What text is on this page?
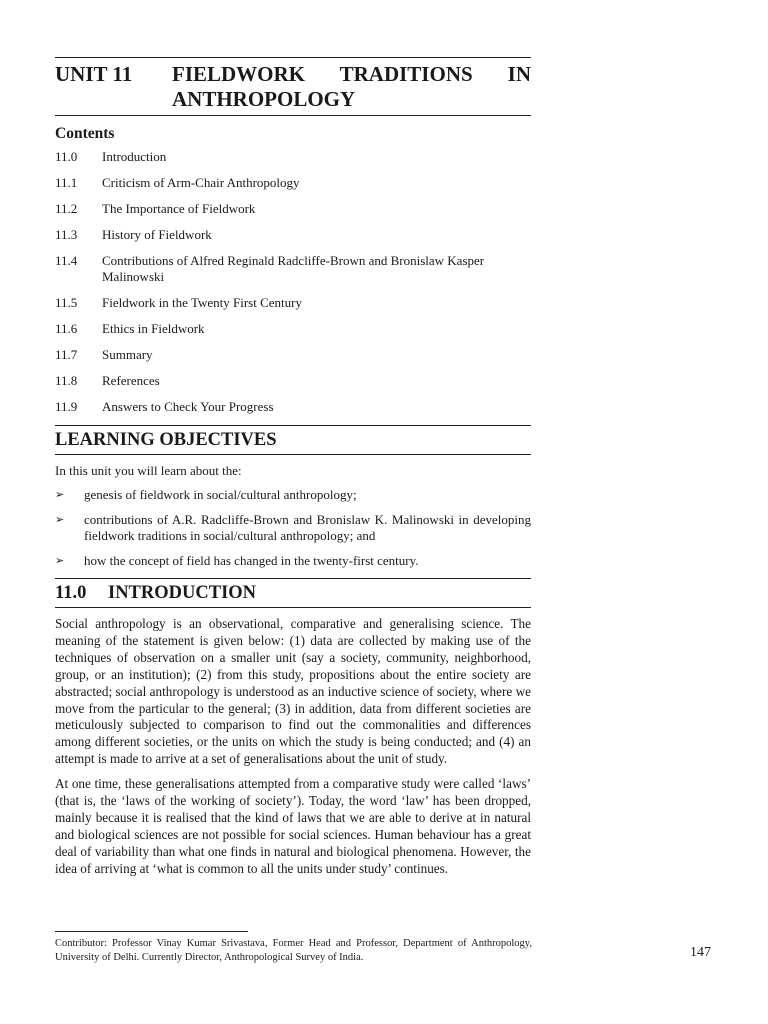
UNIT 11	FIELDWORK TRADITIONS IN ANTHROPOLOGY
Contents
11.0	Introduction
11.1	Criticism of Arm-Chair Anthropology
11.2	The Importance of Fieldwork
11.3	History of Fieldwork
11.4	Contributions of Alfred Reginald Radcliffe-Brown and Bronislaw Kasper Malinowski
11.5	Fieldwork in the Twenty First Century
11.6	Ethics in Fieldwork
11.7	Summary
11.8	References
11.9	Answers to Check Your Progress
LEARNING OBJECTIVES
In this unit you will learn about the:
➢	genesis of fieldwork in social/cultural anthropology;
➢	contributions of A.R. Radcliffe-Brown and Bronislaw K. Malinowski in developing fieldwork traditions in social/cultural anthropology; and
➢	how the concept of field has changed in the twenty-first century.
11.0	INTRODUCTION

Social anthropology is an observational, comparative and generalising science. The meaning of the statement is given below: (1) data are collected by making use of the techniques of observation on a smaller unit (say a society, community, neighborhood, group, or an institution); (2) from this study, propositions about the entire society are abstracted; social anthropology is understood as an inductive science of society, where we move from the particular to the general; (3) in addition, data from different societies are meticulously subjected to comparison to find out the commonalities and differences among different societies, or the units on which the study is being conducted; and (4) an attempt is made to arrive at a set of generalisations about the unit of study.

At one time, these generalisations attempted from a comparative study were called ‘laws’ (that is, the ‘laws of the working of society’). Today, the word ‘law’ has been dropped, mainly because it is realised that the kind of laws that we are able to derive at in natural and biological sciences are not possible for social sciences. Human behaviour has a great deal of variability than what one finds in natural and biological phenomena. However, the idea of arriving at ‘what is common to all the units under study’ continues.

Contributor: Professor Vinay Kumar Srivastava, Former Head and Professor, Department of Anthropology, University of Delhi. Currently Director, Anthropological Survey of India.	147
